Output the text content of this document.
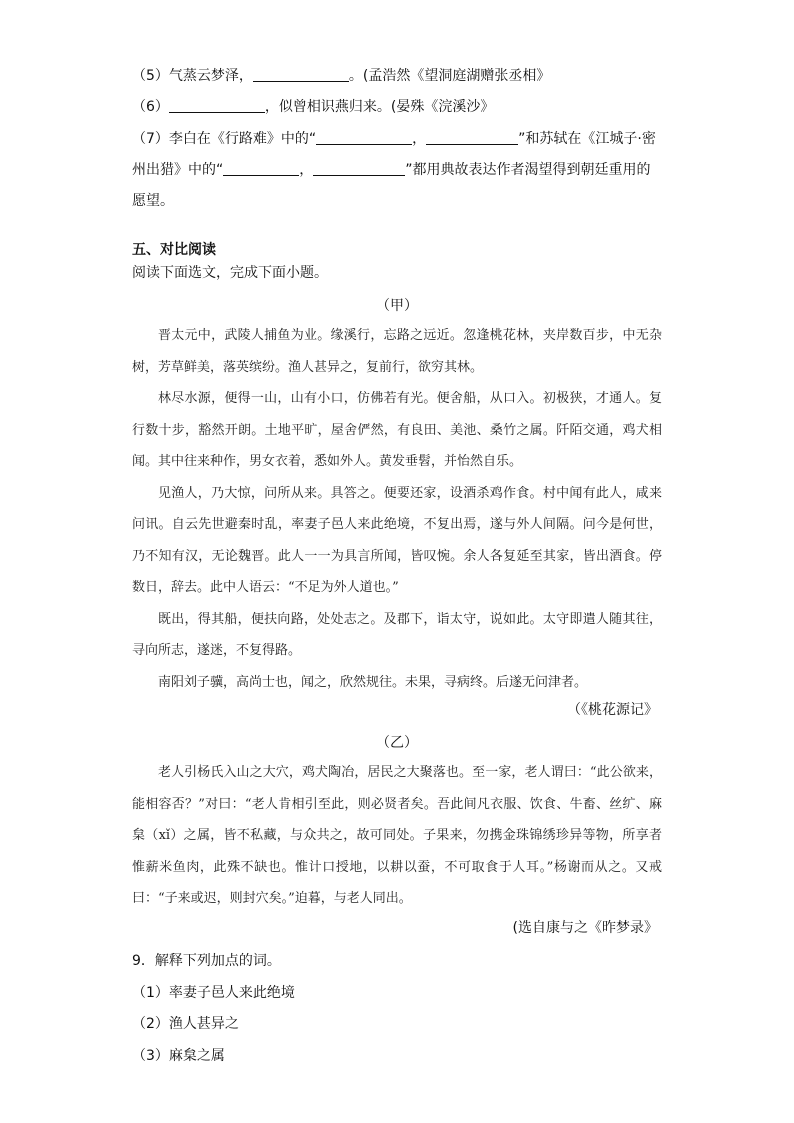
（5）气蒸云梦泽，	。(孟浩然《望洞庭湖赠张丞相》
（6）	，似曾相识燕归来。(晏殊《浣溪沙》
（7）李白在《行路难》中的“	，	”和苏轼在《江城子·密
州出猎》中的“	，	”都用典故表达作者渴望得到朝廷重用的
愿望。
五、对比阅读
阅读下面选文，完成下面小题。
（甲）

晋太元中，武陵人捕鱼为业。缘溪行，忘路之远近。忽逢桃花林，夹岸数百步，中无杂树，芳草鲜美，落英缤纷。渔人甚异之，复前行，欲穷其林。

林尽水源，便得一山，山有小口，仿佛若有光。便舍船，从口入。初极狭，才通人。复行数十步，豁然开朗。土地平旷，屋舍俨然，有良田、美池、桑竹之属。阡陌交通，鸡犬相闻。其中往来种作，男女衣着，悉如外人。黄发垂髫，并怡然自乐。

见渔人，乃大惊，问所从来。具答之。便要还家，设酒杀鸡作食。村中闻有此人，咸来问讯。自云先世避秦时乱，率妻子邑人来此绝境，不复出焉，遂与外人间隔。问今是何世，乃不知有汉，无论魏晋。此人一一为具言所闻，皆叹惋。余人各复延至其家，皆出酒食。停数日，辞去。此中人语云：“不足为外人道也。”

既出，得其船，便扶向路，处处志之。及郡下，诣太守，说如此。太守即遣人随其往，寻向所志，遂迷，不复得路。

南阳刘子骥，高尚士也，闻之，欣然规往。未果，寻病终。后遂无问津者。

（《桃花源记》
（乙）

老人引杨氏入山之大穴，鸡犬陶冶，居民之大聚落也。至一家，老人谓曰：“此公欲来，能相容否？”对曰：“老人肯相引至此，则必贤者矣。吾此间凡衣服、饮食、牛畜、丝纩、麻枲（xǐ）之属，皆不私藏，与众共之，故可同处。子果来，勿携金珠锦绣珍异等物，所享者惟薪米鱼肉，此殊不缺也。惟计口授地，以耕以蚕，不可取食于人耳。”杨谢而从之。又戒曰：“子来或迟，则封穴矣。”迫暮，与老人同出。

(选自康与之《昨梦录》
9．解释下列加点的词。
（1）率妻子邑人来此绝境
（2）渔人甚异之
（3）麻枲之属
